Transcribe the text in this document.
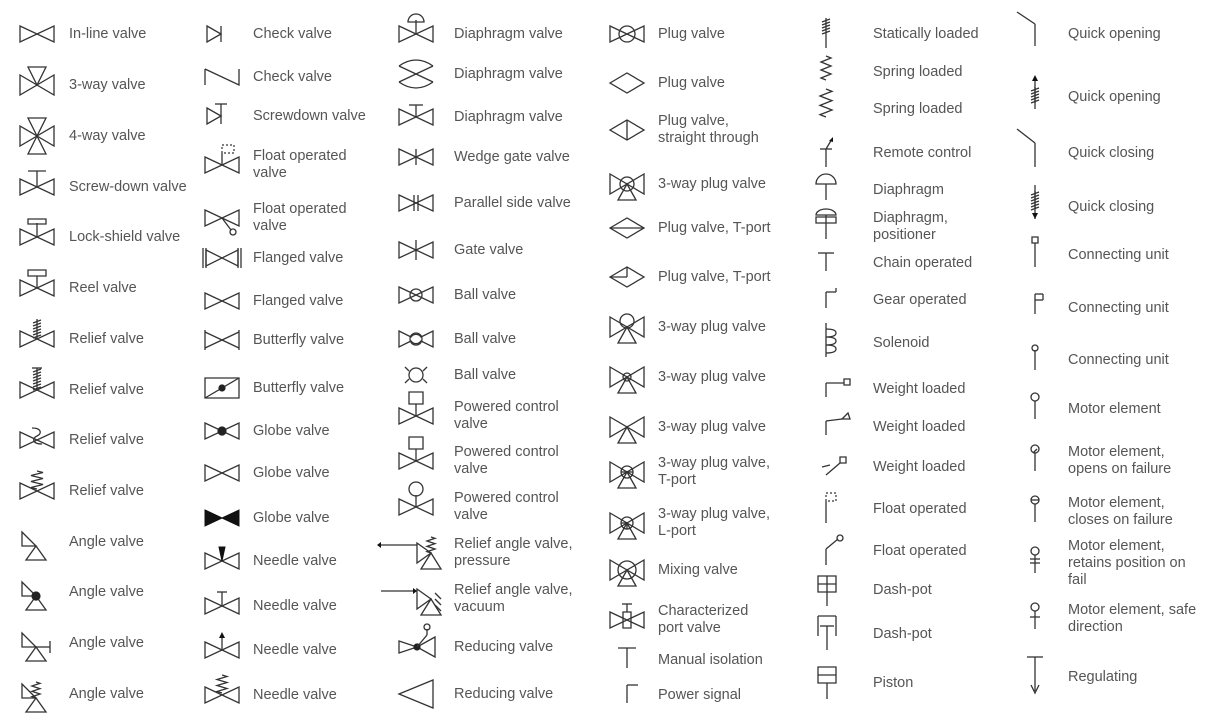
In-line valve
3-way valve
4-way valve
Screw-down valve
Lock-shield valve
Reel valve
Relief valve
Relief valve
Relief valve
Relief valve
Angle valve
Angle valve
Angle valve
Angle valve
Check valve
Check valve
Screwdown valve
Float operated
valve
Float operated
valve
Flanged valve
Flanged valve
Butterfly valve
Butterfly valve
Globe valve
Globe valve
Globe valve
Needle valve
Needle valve
Needle valve
Needle valve
Diaphragm valve
Diaphragm valve
Diaphragm valve
Wedge gate valve
Parallel side valve
Gate valve
Ball valve
Ball valve
Ball valve
Powered control
valve
Powered control
valve
Powered control
valve
Relief angle valve,
pressure
Relief angle valve,
vacuum
Reducing valve
Reducing valve
Plug valve
Plug valve
Plug valve,
straight through
3-way plug valve
Plug valve, T-port
Plug valve, T-port
3-way plug valve
3-way plug valve
3-way plug valve
3-way plug valve,
T-port
3-way plug valve,
L-port
Mixing valve
Characterized
port valve
Manual isolation
Power signal
Statically loaded
Spring loaded
Spring loaded
Remote control
Diaphragm
Diaphragm,
positioner
Chain operated
Gear operated
Solenoid
Weight loaded
Weight loaded
Weight loaded
Float operated
Float operated
Dash-pot
Dash-pot
Piston
Quick opening
Quick opening
Quick closing
Quick closing
Connecting unit
Connecting unit
Connecting unit
Motor element
Motor element,
opens on failure
Motor element,
closes on failure
Motor element,
retains position on
fail
Motor element, safe
direction
Regulating
